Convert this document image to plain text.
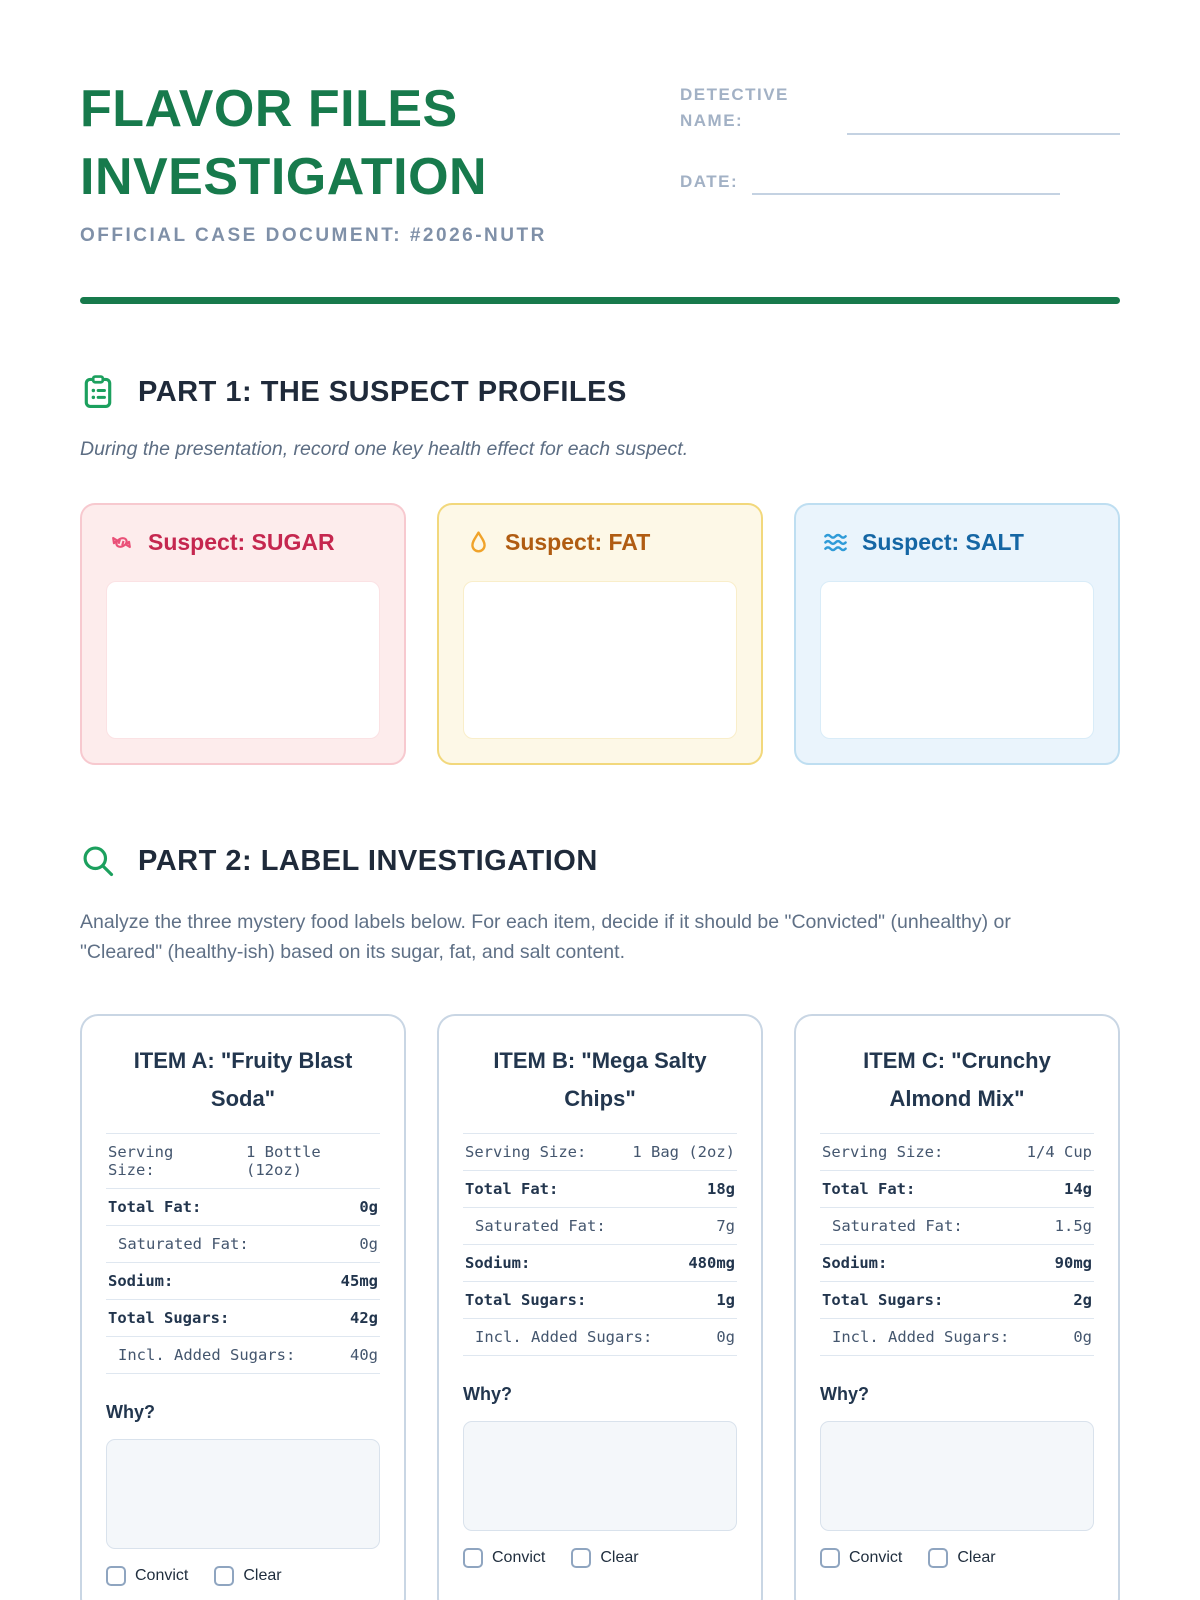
FLAVOR FILES
INVESTIGATION
OFFICIAL CASE DOCUMENT: #2026-NUTR
DETECTIVE NAME:
DATE:
PART 1: THE SUSPECT PROFILES
During the presentation, record one key health effect for each suspect.
Suspect: SUGAR	Suspect: FAT	Suspect: SALT
PART 2: LABEL INVESTIGATION
Analyze the three mystery food labels below. For each item, decide if it should be "Convicted" (unhealthy) or "Cleared" (healthy-ish) based on its sugar, fat, and salt content.
ITEM A: "Fruity Blast Soda"
Serving Size:
1 Bottle (12oz)
Total Fat:	0g
Saturated Fat:	0g
Sodium:	45mg
Total Sugars:	42g
Incl. Added Sugars:	40g
Why?
Convict	Clear
ITEM B: "Mega Salty Chips"
Serving Size:	1 Bag (2oz)
Total Fat:	18g
Saturated Fat:	7g
Sodium:	480mg
Total Sugars:	1g
Incl. Added Sugars:	0g
Why?
Convict	Clear
ITEM C: "Crunchy Almond Mix"
Serving Size:	1/4 Cup
Total Fat:	14g
Saturated Fat:	1.5g
Sodium:	90mg
Total Sugars:	2g
Incl. Added Sugars:	0g
Why?
Convict	Clear
